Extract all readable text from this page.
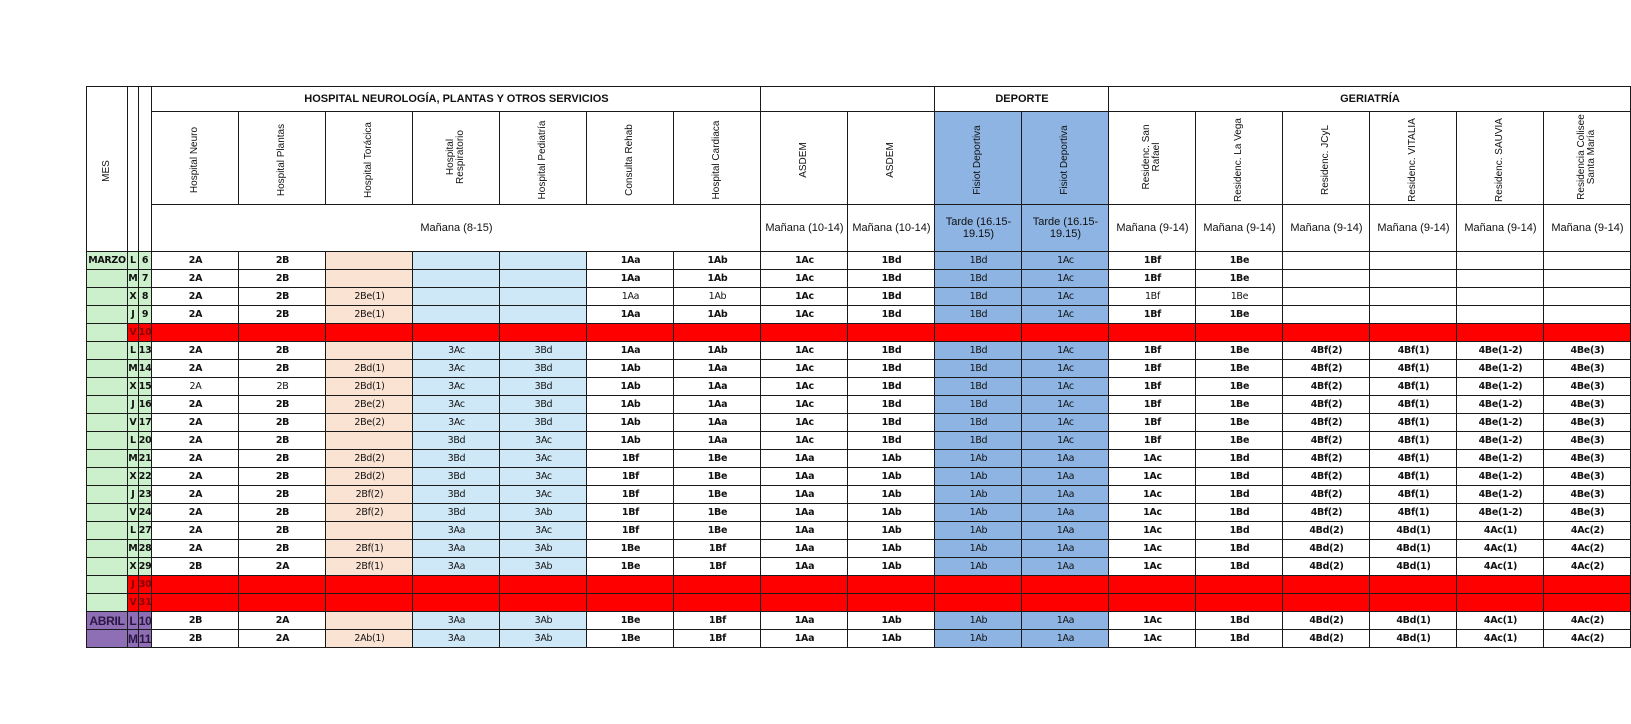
MES			HOSPITAL NEUROLOGÍA, PLANTAS Y OTROS SERVICIOS									DEPORTE		GERIATRÍA					
			Hospital Neuro	Hospital Plantas	Hospital Torácica	Hospital Respiratorio	Hospital Pediatría	Consulta Rehab	Hospital Cardiaca	ASDEM	ASDEM	Fisiot Deportiva	Fisiot Deportiva	Residenc. San Rafael	Residenc. La Vega	Residenc. JCyL	Residenc. VITALIA	Residenc. SAUVIA	Residencia Colisee Santa María
			Mañana (8-15)							Mañana (10-14)	Mañana (10-14)	Tarde (16.15-19.15)	Tarde (16.15-19.15)	Mañana (9-14)	Mañana (9-14)	Mañana (9-14)	Mañana (9-14)	Mañana (9-14)	Mañana (9-14)
MARZO	L	6	2A	2B				1Aa	1Ab	1Ac	1Bd	1Bd	1Ac	1Bf	1Be				
	M	7	2A	2B				1Aa	1Ab	1Ac	1Bd	1Bd	1Ac	1Bf	1Be				
	X	8	2A	2B	2Be(1)			1Aa	1Ab	1Ac	1Bd	1Bd	1Ac	1Bf	1Be				
	J	9	2A	2B	2Be(1)			1Aa	1Ab	1Ac	1Bd	1Bd	1Ac	1Bf	1Be				
	V	10																	
	L	13	2A	2B		3Ac	3Bd	1Aa	1Ab	1Ac	1Bd	1Bd	1Ac	1Bf	1Be	4Bf(2)	4Bf(1)	4Be(1-2)	4Be(3)
	M	14	2A	2B	2Bd(1)	3Ac	3Bd	1Ab	1Aa	1Ac	1Bd	1Bd	1Ac	1Bf	1Be	4Bf(2)	4Bf(1)	4Be(1-2)	4Be(3)
	X	15	2A	2B	2Bd(1)	3Ac	3Bd	1Ab	1Aa	1Ac	1Bd	1Bd	1Ac	1Bf	1Be	4Bf(2)	4Bf(1)	4Be(1-2)	4Be(3)
	J	16	2A	2B	2Be(2)	3Ac	3Bd	1Ab	1Aa	1Ac	1Bd	1Bd	1Ac	1Bf	1Be	4Bf(2)	4Bf(1)	4Be(1-2)	4Be(3)
	V	17	2A	2B	2Be(2)	3Ac	3Bd	1Ab	1Aa	1Ac	1Bd	1Bd	1Ac	1Bf	1Be	4Bf(2)	4Bf(1)	4Be(1-2)	4Be(3)
	L	20	2A	2B		3Bd	3Ac	1Ab	1Aa	1Ac	1Bd	1Bd	1Ac	1Bf	1Be	4Bf(2)	4Bf(1)	4Be(1-2)	4Be(3)
	M	21	2A	2B	2Bd(2)	3Bd	3Ac	1Bf	1Be	1Aa	1Ab	1Ab	1Aa	1Ac	1Bd	4Bf(2)	4Bf(1)	4Be(1-2)	4Be(3)
	X	22	2A	2B	2Bd(2)	3Bd	3Ac	1Bf	1Be	1Aa	1Ab	1Ab	1Aa	1Ac	1Bd	4Bf(2)	4Bf(1)	4Be(1-2)	4Be(3)
	J	23	2A	2B	2Bf(2)	3Bd	3Ac	1Bf	1Be	1Aa	1Ab	1Ab	1Aa	1Ac	1Bd	4Bf(2)	4Bf(1)	4Be(1-2)	4Be(3)
	V	24	2A	2B	2Bf(2)	3Bd	3Ab	1Bf	1Be	1Aa	1Ab	1Ab	1Aa	1Ac	1Bd	4Bf(2)	4Bf(1)	4Be(1-2)	4Be(3)
	L	27	2A	2B		3Aa	3Ac	1Bf	1Be	1Aa	1Ab	1Ab	1Aa	1Ac	1Bd	4Bd(2)	4Bd(1)	4Ac(1)	4Ac(2)
	M	28	2A	2B	2Bf(1)	3Aa	3Ab	1Be	1Bf	1Aa	1Ab	1Ab	1Aa	1Ac	1Bd	4Bd(2)	4Bd(1)	4Ac(1)	4Ac(2)
	X	29	2B	2A	2Bf(1)	3Aa	3Ab	1Be	1Bf	1Aa	1Ab	1Ab	1Aa	1Ac	1Bd	4Bd(2)	4Bd(1)	4Ac(1)	4Ac(2)
	J	30																	
	V	31																	
ABRIL	L	10	2B	2A		3Aa	3Ab	1Be	1Bf	1Aa	1Ab	1Ab	1Aa	1Ac	1Bd	4Bd(2)	4Bd(1)	4Ac(1)	4Ac(2)
	M	11	2B	2A	2Ab(1)	3Aa	3Ab	1Be	1Bf	1Aa	1Ab	1Ab	1Aa	1Ac	1Bd	4Bd(2)	4Bd(1)	4Ac(1)	4Ac(2)
